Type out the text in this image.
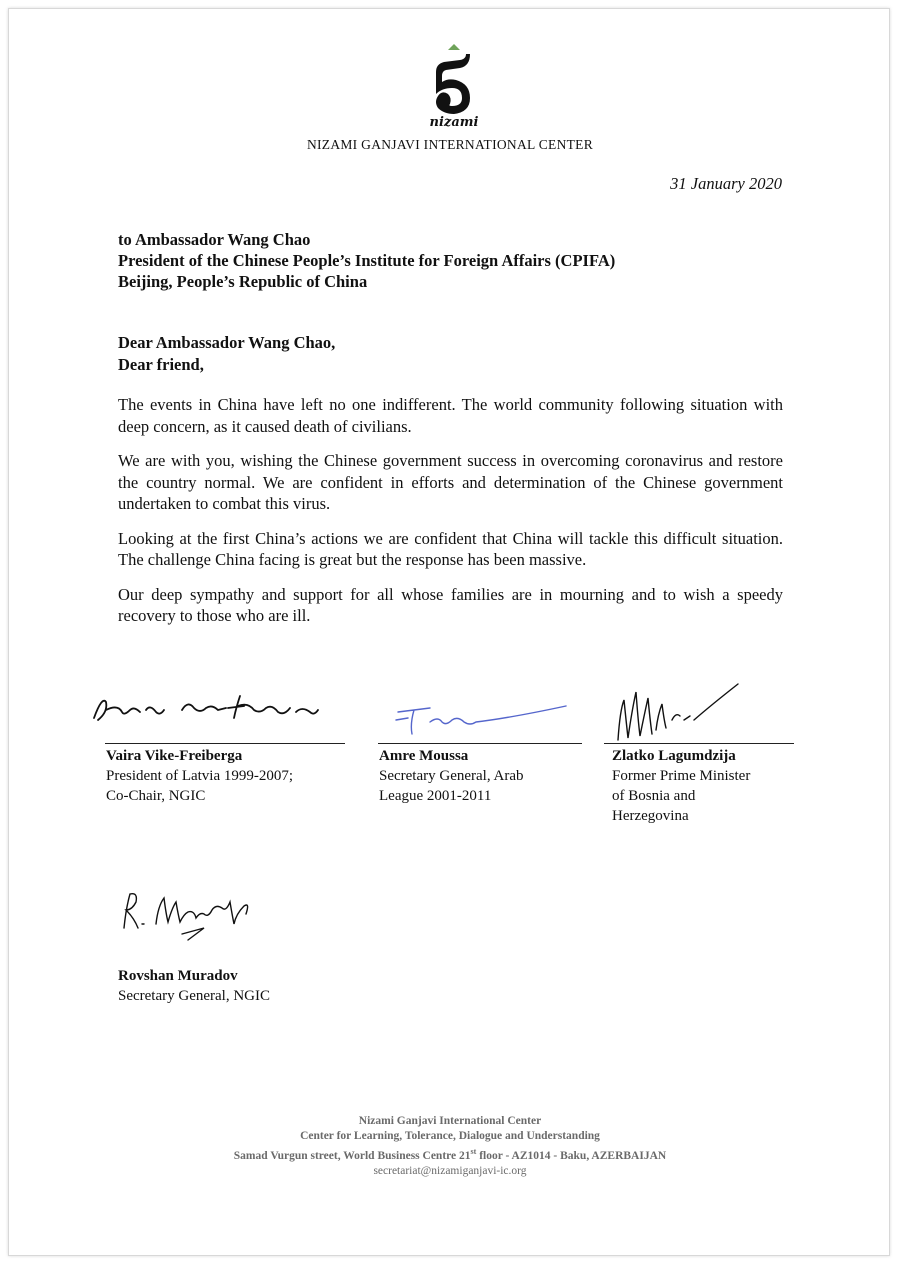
nizami
NIZAMI GANJAVI INTERNATIONAL CENTER
31 January 2020
to Ambassador Wang Chao
President of the Chinese People’s Institute for Foreign Affairs (CPIFA)
Beijing, People’s Republic of China
Dear Ambassador Wang Chao,
Dear friend,

The events in China have left no one indifferent. The world community following situation with deep concern, as it caused death of civilians.

We are with you, wishing the Chinese government success in overcoming coronavirus and restore the country normal. We are confident in efforts and determination of the Chinese government undertaken to combat this virus.

Looking at the first China’s actions we are confident that China will tackle this difficult situation. The challenge China facing is great but the response has been massive.

Our deep sympathy and support for all whose families are in mourning and to wish a speedy recovery to those who are ill.

Vaira Vike-Freiberga
President of Latvia 1999-2007;
Co-Chair, NGIC
Amre Moussa
Secretary General, Arab
League 2001-2011
Zlatko Lagumdzija
Former Prime Minister
of Bosnia and
Herzegovina
Rovshan Muradov
Secretary General, NGIC
Nizami Ganjavi International Center
Center for Learning, Tolerance, Dialogue and Understanding
Samad Vurgun street, World Business Centre 21st floor - AZ1014 - Baku, AZERBAIJAN
secretariat@nizamiganjavi-ic.org
